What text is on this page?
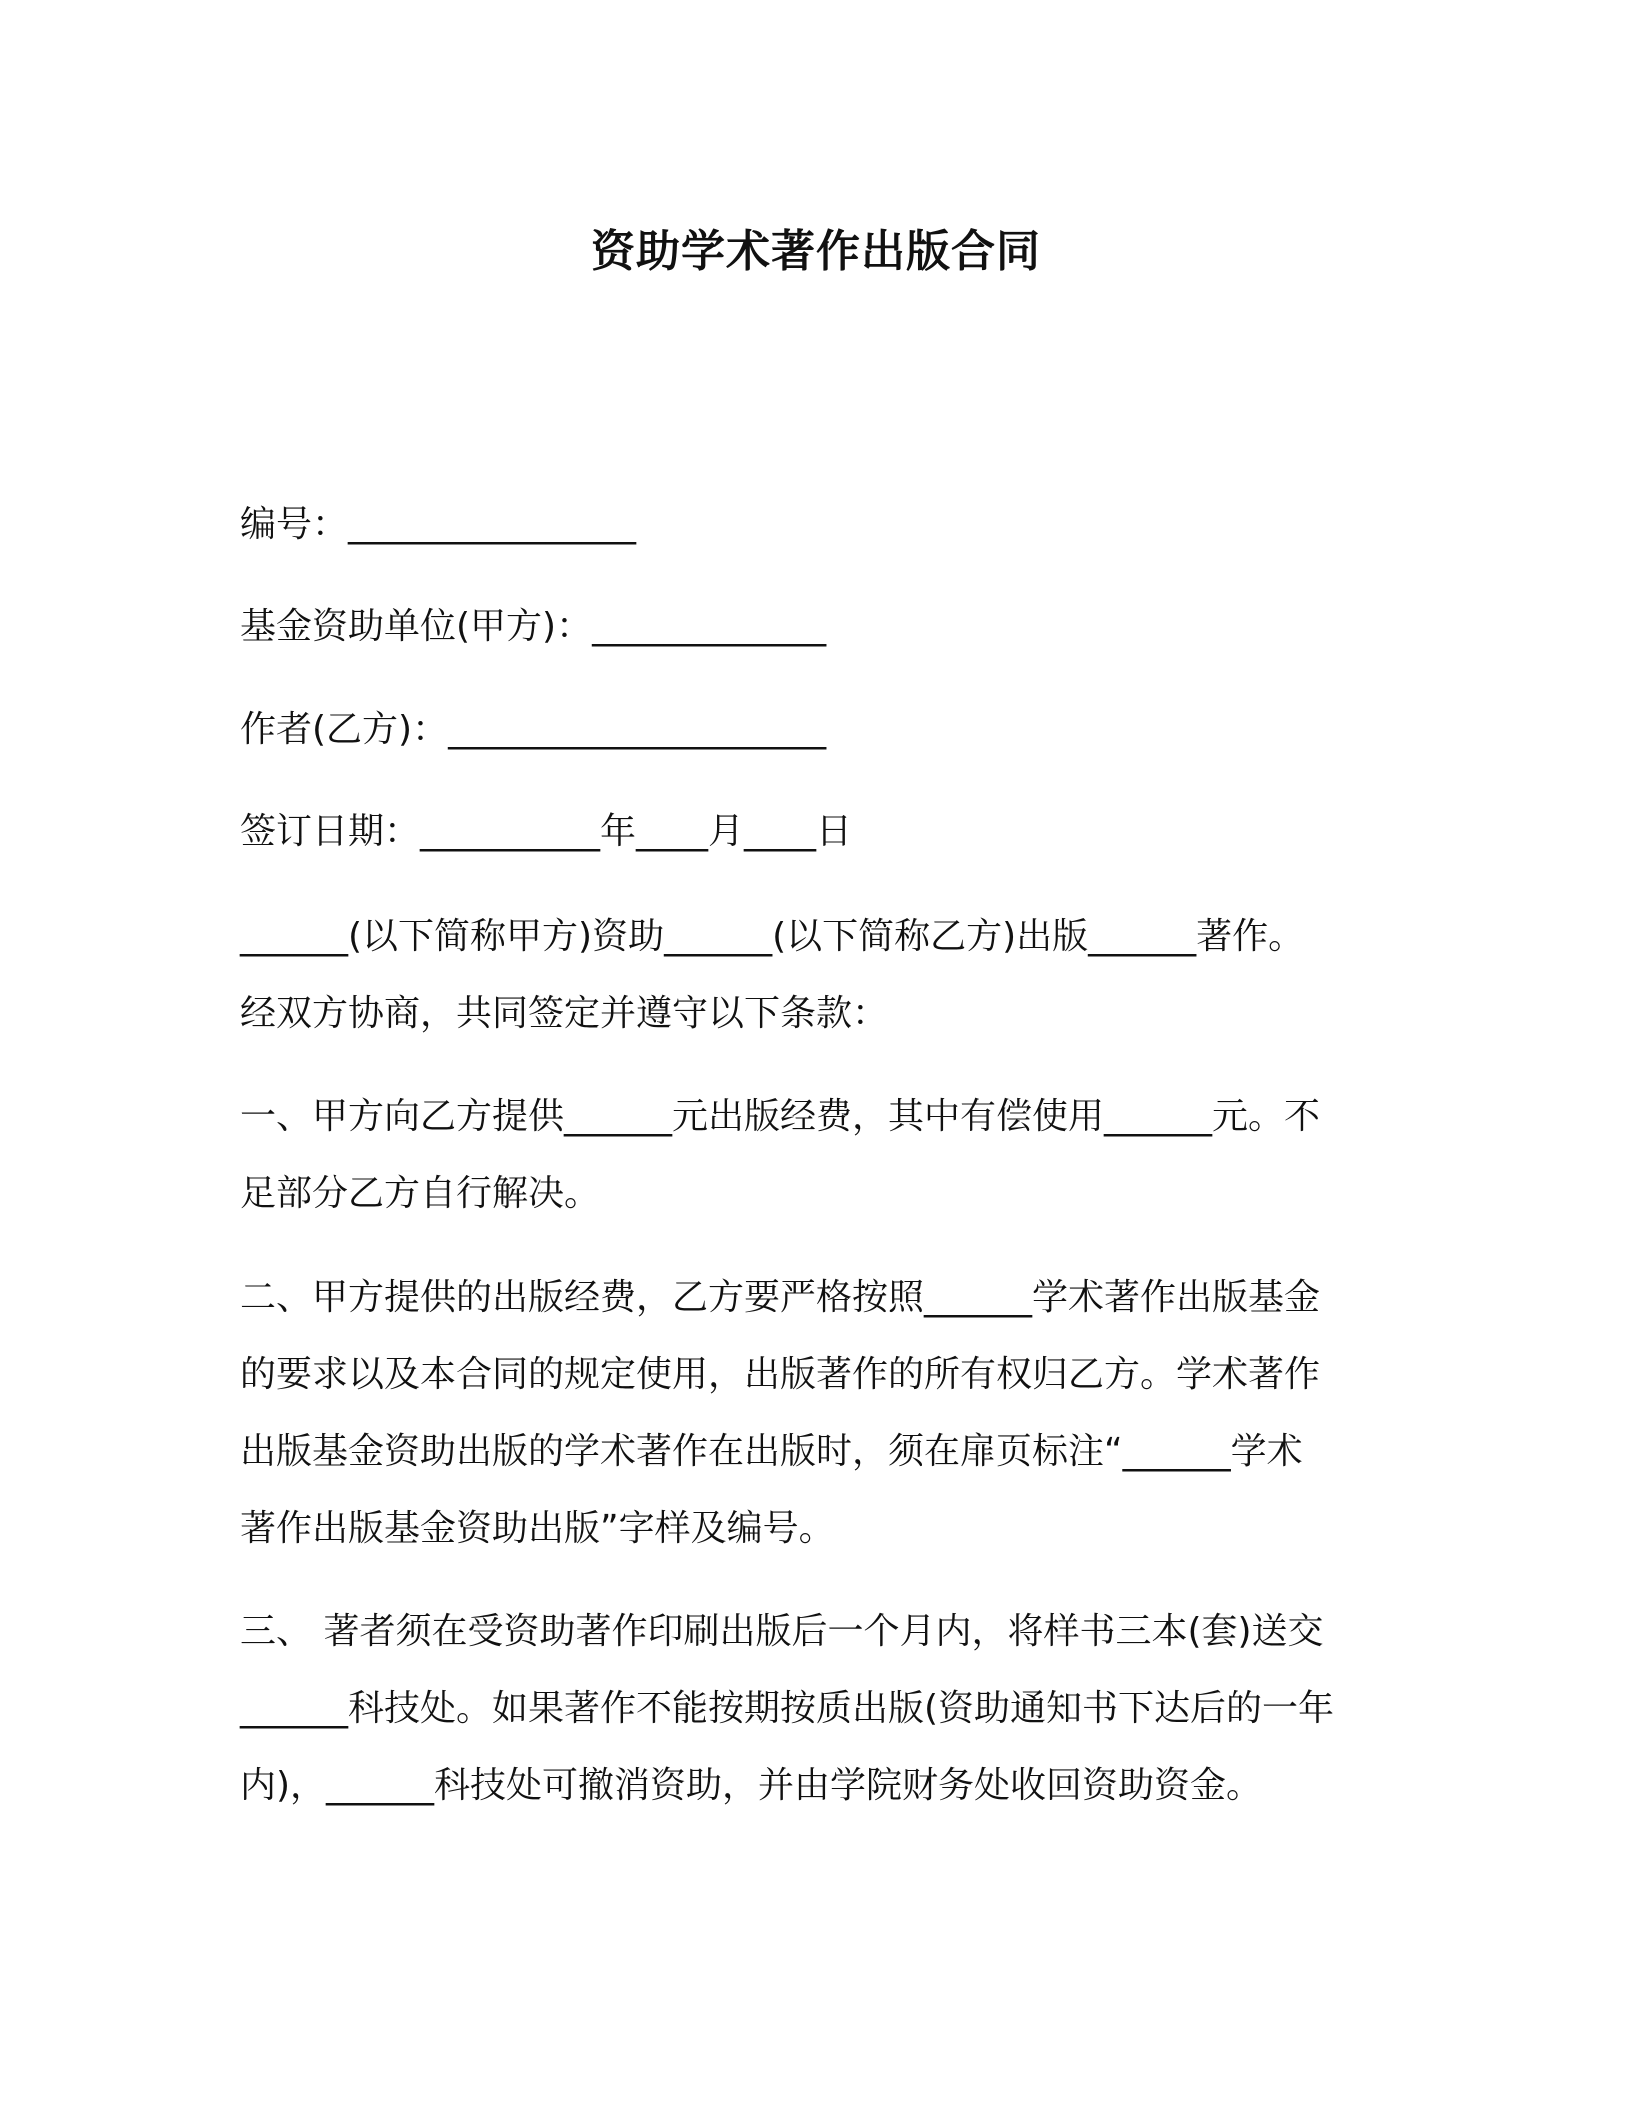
资助学术著作出版合同
编号：________________
基金资助单位(甲方)：_____________
作者(乙方)：_____________________
签订日期：__________年____月____日

______(以下简称甲方)资助______(以下简称乙方)出版______著作。

经双方协商，共同签定并遵守以下条款：

一、甲方向乙方提供______元出版经费，其中有偿使用______元。不

足部分乙方自行解决。

二、甲方提供的出版经费，乙方要严格按照______学术著作出版基金

的要求以及本合同的规定使用，出版著作的所有权归乙方。学术著作

出版基金资助出版的学术著作在出版时，须在扉页标注“______学术

著作出版基金资助出版”字样及编号。

三、 著者须在受资助著作印刷出版后一个月内，将样书三本(套)送交

______科技处。如果著作不能按期按质出版(资助通知书下达后的一年

内)，______科技处可撤消资助，并由学院财务处收回资助资金。
